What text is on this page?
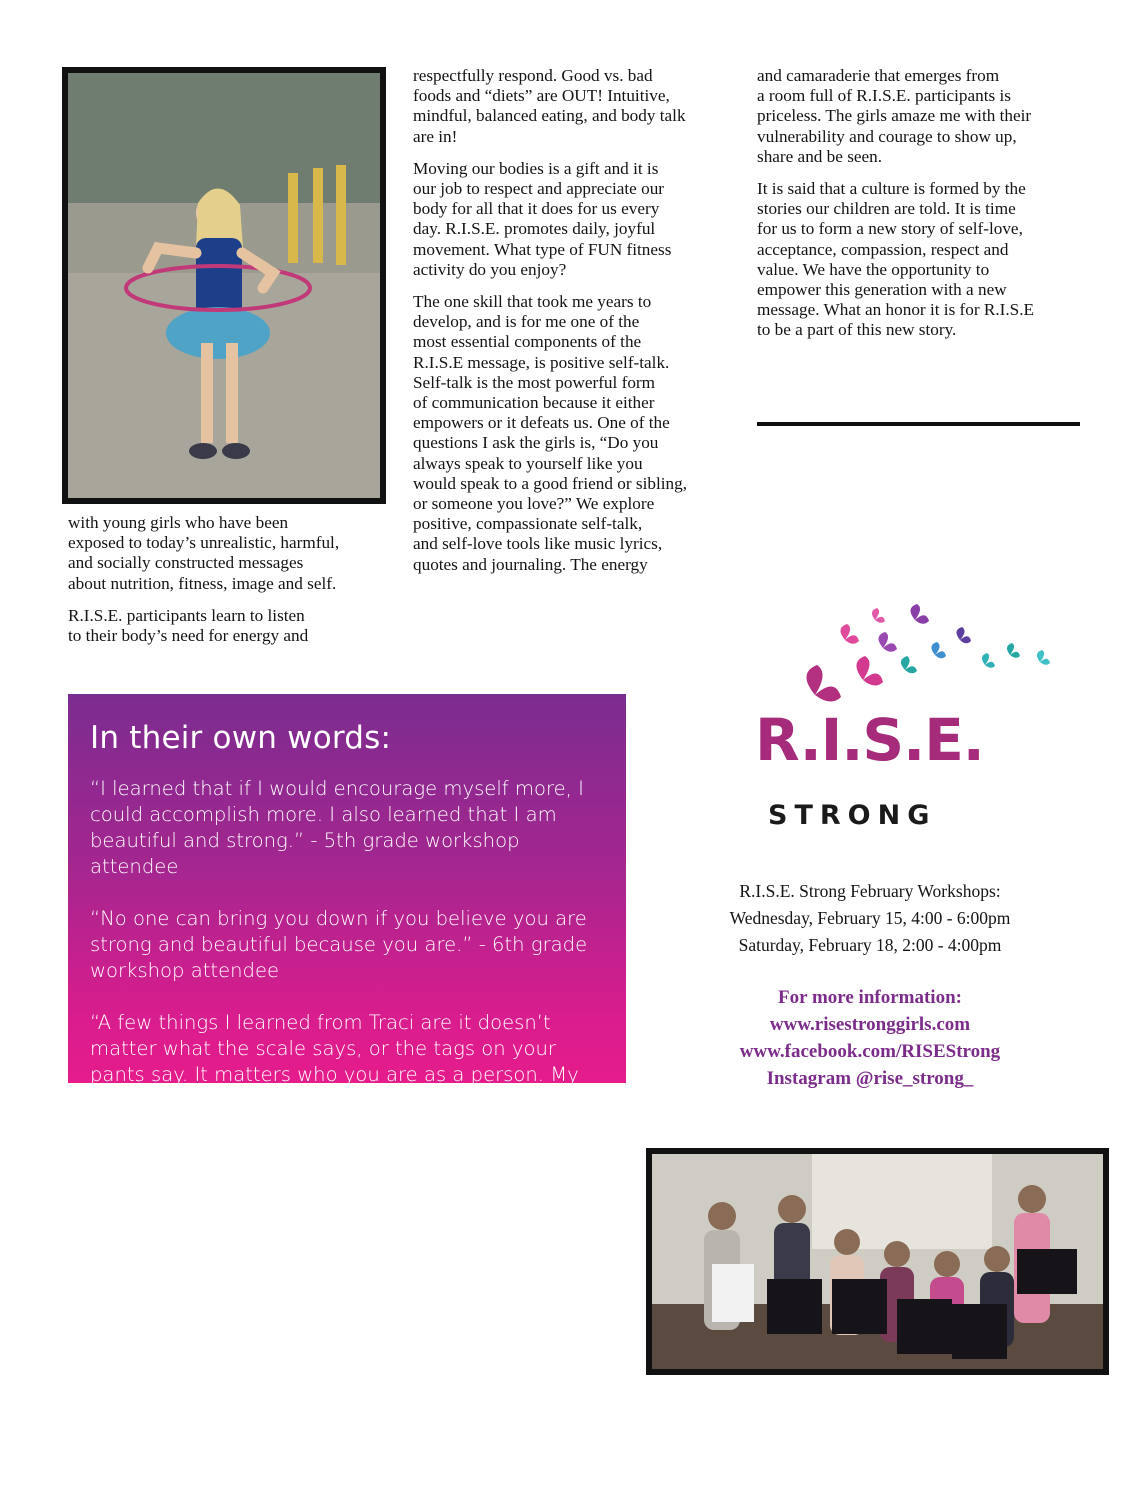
with young girls who have been
exposed to today’s unrealistic, harmful,
and socially constructed messages
about nutrition, fitness, image and self.

R.I.S.E. participants learn to listen
to their body’s need for energy and

respectfully respond. Good vs. bad
foods and “diets” are OUT! Intuitive,
mindful, balanced eating, and body talk
are in!

Moving our bodies is a gift and it is
our job to respect and appreciate our
body for all that it does for us every
day. R.I.S.E. promotes daily, joyful
movement. What type of FUN fitness
activity do you enjoy?

The one skill that took me years to
develop, and is for me one of the
most essential components of the
R.I.S.E message, is positive self-talk.
Self-talk is the most powerful form
of communication because it either
empowers or it defeats us. One of the
questions I ask the girls is, “Do you
always speak to yourself like you
would speak to a good friend or sibling,
or someone you love?” We explore
positive, compassionate self-talk,
and self-love tools like music lyrics,
quotes and journaling. The energy

and camaraderie that emerges from
a room full of R.I.S.E. participants is
priceless. The girls amaze me with their
vulnerability and courage to show up,
share and be seen.

It is said that a culture is formed by the
stories our children are told. It is time
for us to form a new story of self-love,
acceptance, compassion, respect and
value. We have the opportunity to
empower this generation with a new
message. What an honor it is for R.I.S.E
to be a part of this new story.

In their own words:

“I learned that if I would encourage myself more, I could accomplish more. I also learned that I am beautiful and strong.” - 5th grade workshop attendee

“No one can bring you down if you believe you are strong and beautiful because you are.” - 6th grade workshop attendee

“A few things I learned from Traci are it doesn’t matter what the scale says, or the tags on your pants say. It matters who you are as a person. My favorite part was when she let us step on each other’s R.I.S.E. scale so we could compliment each other for who they are.” - 7th grade student

“Traci’s presentation helped me realize that my friends really care about me, and that I am beautiful and wanted in this world. Traci cares about us even though she doesn’t really know us, she cares!” - 8th grade student

R.I.S.E.
STRONG
R.I.S.E. Strong February Workshops:
Wednesday, February 15, 4:00 - 6:00pm
Saturday, February 18, 2:00 - 4:00pm
For more information:
www.risestronggirls.com
www.facebook.com/RISEStrong
Instagram @rise_strong_
